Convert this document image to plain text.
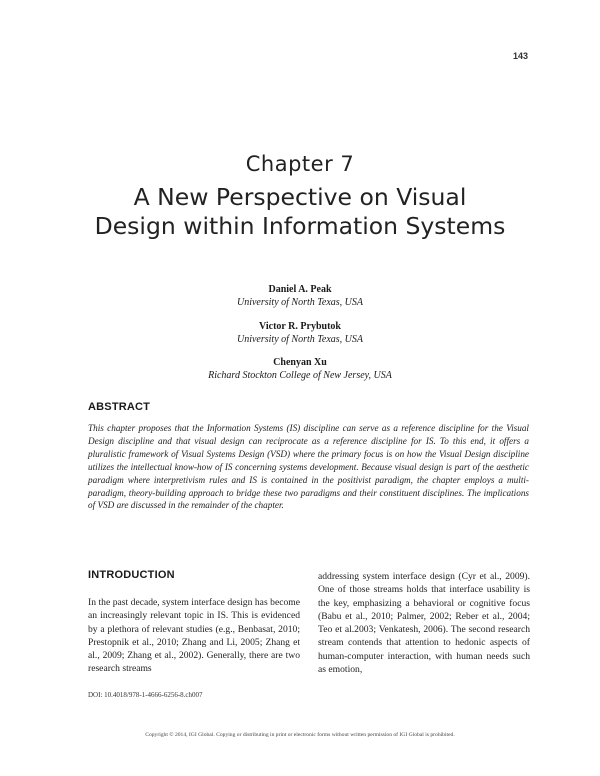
143
Chapter 7
A New Perspective on Visual Design within Information Systems
Daniel A. Peak
University of North Texas, USA
Victor R. Prybutok
University of North Texas, USA
Chenyan Xu
Richard Stockton College of New Jersey, USA
ABSTRACT
This chapter proposes that the Information Systems (IS) discipline can serve as a reference discipline for the Visual Design discipline and that visual design can reciprocate as a reference discipline for IS. To this end, it offers a pluralistic framework of Visual Systems Design (VSD) where the primary focus is on how the Visual Design discipline utilizes the intellectual know-how of IS concerning systems development. Because visual design is part of the aesthetic paradigm where interpretivism rules and IS is contained in the positivist paradigm, the chapter employs a multi-paradigm, theory-building approach to bridge these two paradigms and their constituent disciplines. The implications of VSD are discussed in the remainder of the chapter.
INTRODUCTION
In the past decade, system interface design has become an increasingly relevant topic in IS. This is evidenced by a plethora of relevant studies (e.g., Benbasat, 2010; Prestopnik et al., 2010; Zhang and Li, 2005; Zhang et al., 2009; Zhang et al., 2002). Generally, there are two research streams
addressing system interface design (Cyr et al., 2009). One of those streams holds that interface usability is the key, emphasizing a behavioral or cognitive focus (Babu et al., 2010; Palmer, 2002; Reber et al., 2004; Teo et al.2003; Venkatesh, 2006). The second research stream contends that attention to hedonic aspects of human-computer interaction, with human needs such as emotion,
DOI: 10.4018/978-1-4666-6256-8.ch007
Copyright © 2014, IGI Global. Copying or distributing in print or electronic forms without written permission of IGI Global is prohibited.
